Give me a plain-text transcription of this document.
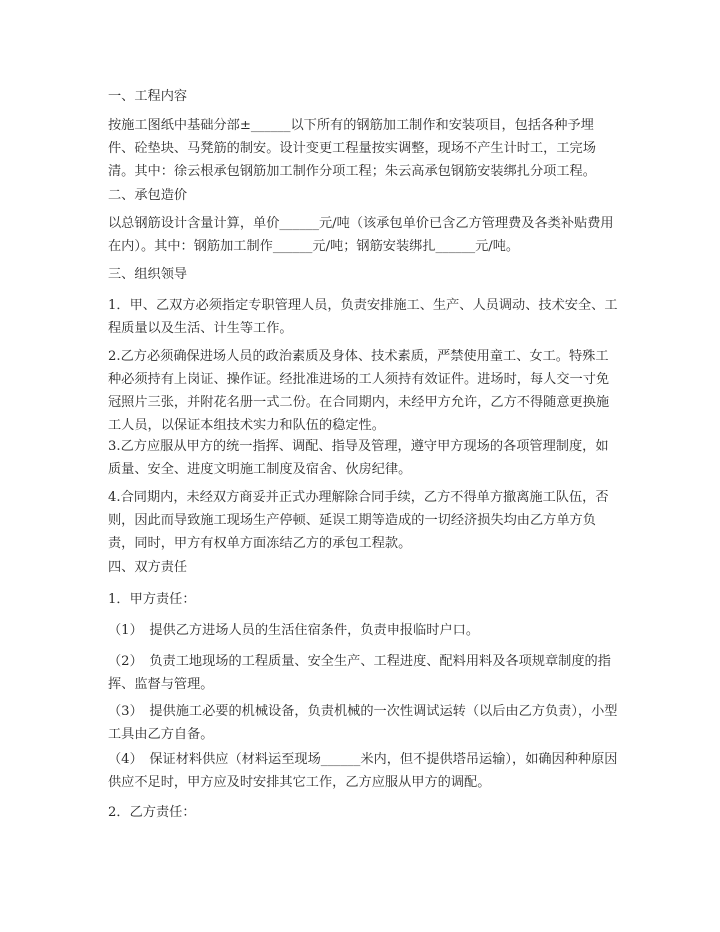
一、工程内容

按施工图纸中基础分部±______以下所有的钢筋加工制作和安装项目，包括各种予埋件、砼垫块、马凳筋的制安。设计变更工程量按实调整，现场不产生计时工，工完场清。其中：徐云根承包钢筋加工制作分项工程；朱云高承包钢筋安装绑扎分项工程。

二、承包造价

以总钢筋设计含量计算，单价______元/吨（该承包单价已含乙方管理费及各类补贴费用在内）。其中：钢筋加工制作______元/吨；钢筋安装绑扎______元/吨。

三、组织领导

1．甲、乙双方必须指定专职管理人员，负责安排施工、生产、人员调动、技术安全、工程质量以及生活、计生等工作。

2.乙方必须确保进场人员的政治素质及身体、技术素质，严禁使用童工、女工。特殊工种必须持有上岗证、操作证。经批准进场的工人须持有效证件。进场时，每人交一寸免冠照片三张，并附花名册一式二份。在合同期内，未经甲方允许，乙方不得随意更换施工人员，以保证本组技术实力和队伍的稳定性。

3.乙方应服从甲方的统一指挥、调配、指导及管理，遵守甲方现场的各项管理制度，如质量、安全、进度文明施工制度及宿舍、伙房纪律。

4.合同期内，未经双方商妥并正式办理解除合同手续，乙方不得单方撤离施工队伍，否则，因此而导致施工现场生产停顿、延误工期等造成的一切经济损失均由乙方单方负责，同时，甲方有权单方面冻结乙方的承包工程款。

四、双方责任

1．甲方责任：

（1）　提供乙方进场人员的生活住宿条件，负责申报临时户口。

（2）　负责工地现场的工程质量、安全生产、工程进度、配料用料及各项规章制度的指挥、监督与管理。

（3）　提供施工必要的机械设备，负责机械的一次性调试运转（以后由乙方负责），小型工具由乙方自备。

（4）　保证材料供应（材料运至现场______米内，但不提供塔吊运输），如确因种种原因供应不足时，甲方应及时安排其它工作，乙方应服从甲方的调配。

2．乙方责任：
